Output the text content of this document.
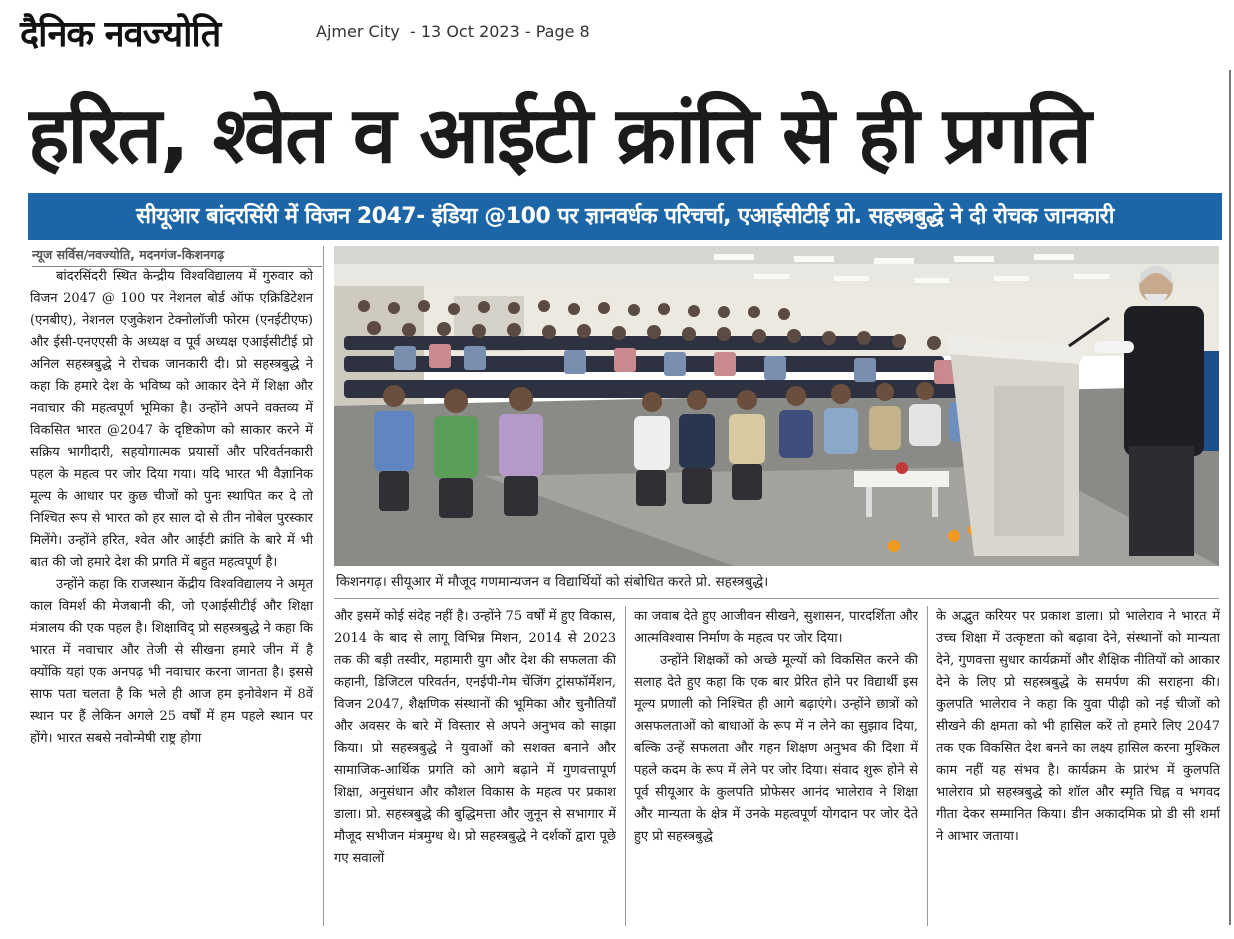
दैनिक नवज्योति	Ajmer City  - 13 Oct 2023 - Page 8
हरित, श्वेत व आईटी क्रांति से ही प्रगति
सीयूआर बांदरसिंरी में विजन 2047- इंडिया @100 पर ज्ञानवर्धक परिचर्चा, एआईसीटीई प्रो. सहस्त्रबुद्धे ने दी रोचक जानकारी
न्यूज सर्विस/नवज्योति, मदनगंज-किशनगढ़
किशनगढ़। सीयूआर में मौजूद गणमान्यजन व विद्यार्थियों को संबोधित करते प्रो. सहस्त्रबुद्धे।

बांदरसिंदरी स्थित केन्द्रीय विश्वविद्यालय में गुरुवार को विजन 2047 @ 100 पर नेशनल बोर्ड ऑफ एक्रिडिटेशन (एनबीए), नेशनल एजुकेशन टेक्नोलॉजी फोरम (एनईटीएफ) और ईसी-एनएएसी के अध्यक्ष व पूर्व अध्यक्ष एआईसीटीई प्रो अनिल सहस्त्रबुद्धे ने रोचक जानकारी दी। प्रो सहस्त्रबुद्धे ने कहा कि हमारे देश के भविष्य को आकार देने में शिक्षा और नवाचार की महत्वपूर्ण भूमिका है। उन्होंने अपने वक्तव्य में विकसित भारत @2047 के दृष्टिकोण को साकार करने में सक्रिय भागीदारी, सहयोगात्मक प्रयासों और परिवर्तनकारी पहल के महत्व पर जोर दिया गया। यदि भारत भी वैज्ञानिक मूल्य के आधार पर कुछ चीजों को पुनः स्थापित कर दे तो निश्चित रूप से भारत को हर साल दो से तीन नोबेल पुरस्कार मिलेंगे। उन्होंने हरित, श्वेत और आईटी क्रांति के बारे में भी बात की जो हमारे देश की प्रगति में बहुत महत्वपूर्ण है।

उन्होंने कहा कि राजस्थान केंद्रीय विश्वविद्यालय ने अमृत काल विमर्श की मेजबानी की, जो एआईसीटीई और शिक्षा मंत्रालय की एक पहल है। शिक्षाविद् प्रो सहस्त्रबुद्धे ने कहा कि भारत में नवाचार और तेजी से सीखना हमारे जीन में है क्योंकि यहां एक अनपढ़ भी नवाचार करना जानता है। इससे साफ पता चलता है कि भले ही आज हम इनोवेशन में 8वें स्थान पर हैं लेकिन अगले 25 वर्षों में हम पहले स्थान पर होंगे। भारत सबसे नवोन्मेषी राष्ट्र होगा

और इसमें कोई संदेह नहीं है। उन्होंने 75 वर्षों में हुए विकास, 2014 के बाद से लागू विभिन्न मिशन, 2014 से 2023 तक की बड़ी तस्वीर, महामारी युग और देश की सफलता की कहानी, डिजिटल परिवर्तन, एनईपी-गेम चेंजिंग ट्रांसफॉर्मेशन, विजन 2047, शैक्षणिक संस्थानों की भूमिका और चुनौतियाँ और अवसर के बारे में विस्तार से अपने अनुभव को साझा किया। प्रो सहस्त्रबुद्धे ने युवाओं को सशक्त बनाने और सामाजिक-आर्थिक प्रगति को आगे बढ़ाने में गुणवत्तापूर्ण शिक्षा, अनुसंधान और कौशल विकास के महत्व पर प्रकाश डाला। प्रो. सहस्त्रबुद्धे की बुद्धिमत्ता और जुनून से सभागार में मौजूद सभीजन मंत्रमुग्ध थे। प्रो सहस्त्रबुद्धे ने दर्शकों द्वारा पूछे गए सवालों

का जवाब देते हुए आजीवन सीखने, सुशासन, पारदर्शिता और आत्मविश्वास निर्माण के महत्व पर जोर दिया।

उन्होंने शिक्षकों को अच्छे मूल्यों को विकसित करने की सलाह देते हुए कहा कि एक बार प्रेरित होने पर विद्यार्थी इस मूल्य प्रणाली को निश्चित ही आगे बढ़ाएंगे। उन्होंने छात्रों को असफलताओं को बाधाओं के रूप में न लेने का सुझाव दिया, बल्कि उन्हें सफलता और गहन शिक्षण अनुभव की दिशा में पहले कदम के रूप में लेने पर जोर दिया। संवाद शुरू होने से पूर्व सीयूआर के कुलपति प्रोफेसर आनंद भालेराव ने शिक्षा और मान्यता के क्षेत्र में उनके महत्वपूर्ण योगदान पर जोर देते हुए प्रो सहस्त्रबुद्धे

के अद्भुत करियर पर प्रकाश डाला। प्रो भालेराव ने भारत में उच्च शिक्षा में उत्कृष्टता को बढ़ावा देने, संस्थानों को मान्यता देने, गुणवत्ता सुधार कार्यक्रमों और शैक्षिक नीतियों को आकार देने के लिए प्रो सहस्त्रबुद्धे के समर्पण की सराहना की। कुलपति भालेराव ने कहा कि युवा पीढ़ी को नई चीजों को सीखने की क्षमता को भी हासिल करें तो हमारे लिए 2047 तक एक विकसित देश बनने का लक्ष्य हासिल करना मुश्किल काम नहीं यह संभव है। कार्यक्रम के प्रारंभ में कुलपति भालेराव प्रो सहस्त्रबुद्धे को शॉल और स्मृति चिह्न व भगवद गीता देकर सम्मानित किया। डीन अकादमिक प्रो डी सी शर्मा ने आभार जताया।
